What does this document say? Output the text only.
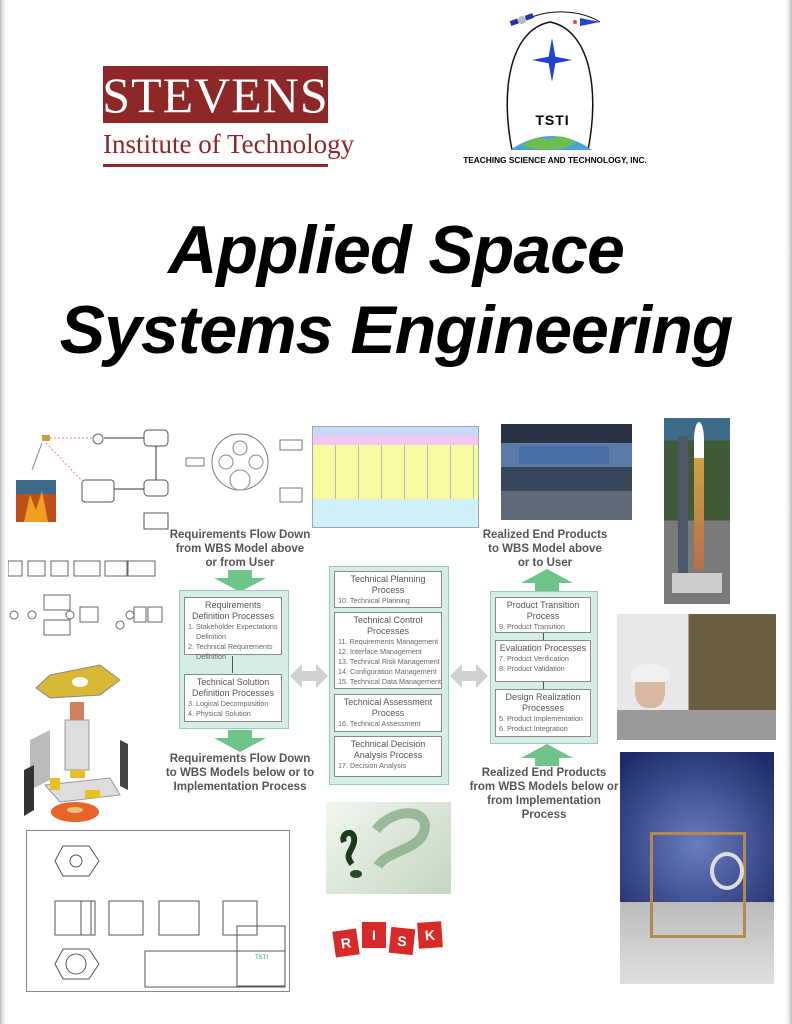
STEVENS
Institute of Technology
TSTI
TEACHING SCIENCE AND TECHNOLOGY, INC.
Applied Space
Systems Engineering
TSTI
R	I	S	K
Requirements Flow Down
from WBS Model above
or from User
Requirements Definition Processes
1. Stakeholder Expectations
Definition
2. Technical Requirements
Definition
Technical Solution Definition Processes
3. Logical Decomposition
4. Physical Solution
Requirements Flow Down
to WBS Models below or to
Implementation Process
Technical Planning Process
10. Technical Planning
Technical Control Processes
11. Requirements Management
12. Interface Management
13. Technical Risk Management
14. Configuration Management
15. Technical Data Management
Technical Assessment Process
16. Technical Assessment
Technical Decision Analysis Process
17. Decision Analysis
Realized End Products
to WBS Model above
or to User
Product Transition Process
9. Product Transition
Evaluation Processes
7. Product Verification
8. Product Validation
Design Realization Processes
5. Product Implementation
6. Product Integration
Realized End Products
from WBS Models below or
from Implementation Process
